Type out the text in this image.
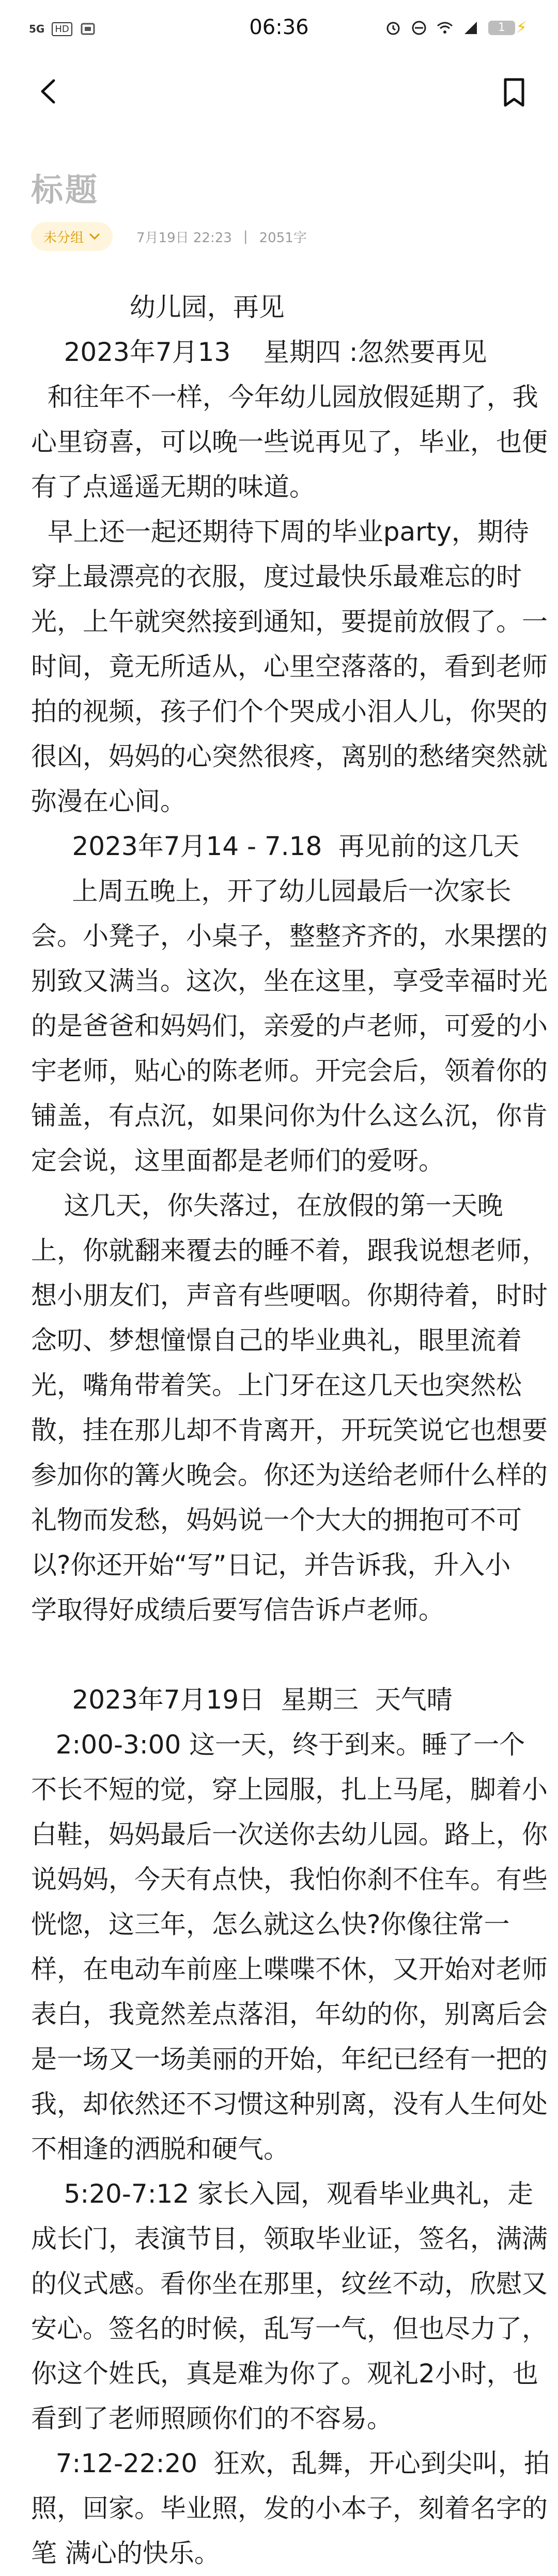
5G	HD	06:36	1 ⚡
标题
未分组	7月19日 22:23 | 2051字
幼儿园，再见
2023年7月13    星期四 :忽然要再见
和往年不一样，今年幼儿园放假延期了，我
心里窃喜，可以晚一些说再见了，毕业，也便
有了点遥遥无期的味道。
早上还一起还期待下周的毕业party，期待
穿上最漂亮的衣服，度过最快乐最难忘的时
光，上午就突然接到通知，要提前放假了。一
时间，竟无所适从，心里空落落的，看到老师
拍的视频，孩子们个个哭成小泪人儿，你哭的
很凶，妈妈的心突然很疼，离别的愁绪突然就
弥漫在心间。
2023年7月14 - 7.18  再见前的这几天
上周五晚上，开了幼儿园最后一次家长
会。小凳子，小桌子，整整齐齐的，水果摆的
别致又满当。这次，坐在这里，享受幸福时光
的是爸爸和妈妈们，亲爱的卢老师，可爱的小
宇老师，贴心的陈老师。开完会后，领着你的
铺盖，有点沉，如果问你为什么这么沉，你肯
定会说，这里面都是老师们的爱呀。
这几天，你失落过，在放假的第一天晚
上，你就翻来覆去的睡不着，跟我说想老师，
想小朋友们，声音有些哽咽。你期待着，时时
念叨、梦想憧憬自己的毕业典礼，眼里流着
光，嘴角带着笑。上门牙在这几天也突然松
散，挂在那儿却不肯离开，开玩笑说它也想要
参加你的篝火晚会。你还为送给老师什么样的
礼物而发愁，妈妈说一个大大的拥抱可不可
以?你还开始“写”日记，并告诉我，升入小
学取得好成绩后要写信告诉卢老师。
2023年7月19日  星期三  天气晴
2:00-3:00 这一天，终于到来。睡了一个
不长不短的觉，穿上园服，扎上马尾，脚着小
白鞋，妈妈最后一次送你去幼儿园。路上，你
说妈妈，今天有点快，我怕你刹不住车。有些
恍惚，这三年，怎么就这么快?你像往常一
样，在电动车前座上喋喋不休，又开始对老师
表白，我竟然差点落泪，年幼的你，别离后会
是一场又一场美丽的开始，年纪已经有一把的
我，却依然还不习惯这种别离，没有人生何处
不相逢的洒脱和硬气。
5:20-7:12 家长入园，观看毕业典礼，走
成长门，表演节目，领取毕业证，签名，满满
的仪式感。看你坐在那里，纹丝不动，欣慰又
安心。签名的时候，乱写一气，但也尽力了，
你这个姓氏，真是难为你了。观礼2小时，也
看到了老师照顾你们的不容易。
7:12-22:20  狂欢，乱舞，开心到尖叫，拍
照，回家。毕业照，发的小本子，刻着名字的
笔 满心的快乐。
